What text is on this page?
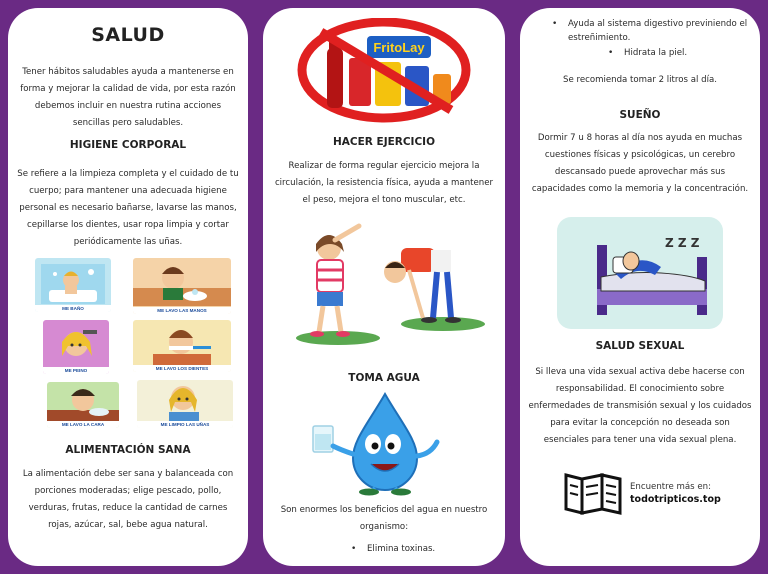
SALUD
Tener hábitos saludables ayuda a mantenerse en forma y mejorar la calidad de vida, por esta razón debemos incluir en nuestra rutina acciones sencillas pero saludables.
HIGIENE CORPORAL
Se refiere a la limpieza completa y el cuidado de tu cuerpo; para mantener una adecuada higiene personal es necesario bañarse, lavarse las manos, cepillarse los dientes, usar ropa limpia y cortar periódicamente las uñas.
ME BAÑO	ME LAVO LAS MANOS
ME PEINO	ME LAVO LOS DIENTES
ME LAVO LA CARA	ME LIMPIO LAS UÑAS
ALIMENTACIÓN SANA
La alimentación debe ser sana y balanceada con porciones moderadas; elige pescado, pollo, verduras, frutas, reduce la cantidad de carnes rojas, azúcar, sal, bebe agua natural.
FritoLay
HACER EJERCICIO
Realizar de forma regular ejercicio mejora la circulación, la resistencia física, ayuda a mantener el peso, mejora el tono muscular, etc.
TOMA AGUA
Son enormes los beneficios del agua en nuestro organismo:
• Elimina toxinas.
• Ayuda al sistema digestivo previniendo el estreñimiento.
• Hidrata la piel.
Se recomienda tomar 2 litros al día.
SUEÑO
Dormir 7 u 8 horas al día nos ayuda en muchas cuestiones físicas y psicológicas, un cerebro descansado puede aprovechar más sus capacidades como la memoria y la concentración.
Z Z Z
SALUD SEXUAL
Si lleva una vida sexual activa debe hacerse con responsabilidad. El conocimiento sobre enfermedades de transmisión sexual y los cuidados para evitar la concepción no deseada son esenciales para tener una vida sexual plena.
Encuentre más en:
todotripticos.top
